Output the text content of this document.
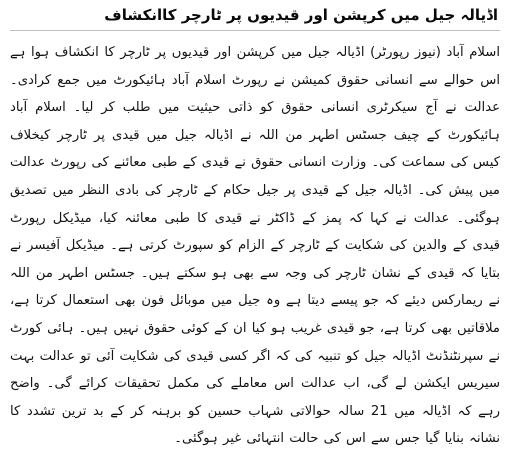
اڈیالہ جیل میں کرپشن اور قیدیوں پر ٹارچر کاانکشاف

اسلام آباد (نیوز رپورٹر) اڈیالہ جیل میں کرپشن اور قیدیوں پر ٹارچر کا انکشاف ہوا ہے اس حوالے سے انسانی حقوق کمیشن نے رپورٹ اسلام آباد ہائیکورٹ میں جمع کرادی۔ عدالت نے آج سیکرٹری انسانی حقوق کو ذاتی حیثیت میں طلب کر لیا۔ اسلام آباد ہائیکورٹ کے چیف جسٹس اطہر من اللہ نے اڈیالہ جیل میں قیدی پر ٹارچر کیخلاف کیس کی سماعت کی۔ وزارت انسانی حقوق نے قیدی کے طبی معائنے کی رپورٹ عدالت میں پیش کی۔ اڈیالہ جیل کے قیدی پر جیل حکام کے ٹارچر کی بادی النظر میں تصدیق ہوگئی۔ عدالت نے کہا کہ پمز کے ڈاکٹر نے قیدی کا طبی معائنہ کیا، میڈیکل رپورٹ قیدی کے والدین کی شکایت کے ٹارچر کے الزام کو سپورٹ کرتی ہے۔ میڈیکل آفیسر نے بتایا کہ قیدی کے نشان ٹارچر کی وجہ سے بھی ہو سکتے ہیں۔ جسٹس اطہر من اللہ نے ریمارکس دیئے کہ جو پیسے دیتا ہے وہ جیل میں موبائل فون بھی استعمال کرتا ہے، ملاقاتیں بھی کرتا ہے، جو قیدی غریب ہو کیا ان کے کوئی حقوق نہیں ہیں۔ ہائی کورٹ نے سپرنٹنڈنٹ اڈیالہ جیل کو تنبیہ کی کہ اگر کسی قیدی کی شکایت آئی تو عدالت بہت سیریس ایکشن لے گی، اب عدالت اس معاملے کی مکمل تحقیقات کرائے گی۔ واضح رہے کہ اڈیالہ میں 21 سالہ حوالاتی شہاب حسین کو برہنہ کر کے بد ترین تشدد کا نشانہ بنایا گیا جس سے اس کی حالت انتہائی غیر ہوگئی۔
